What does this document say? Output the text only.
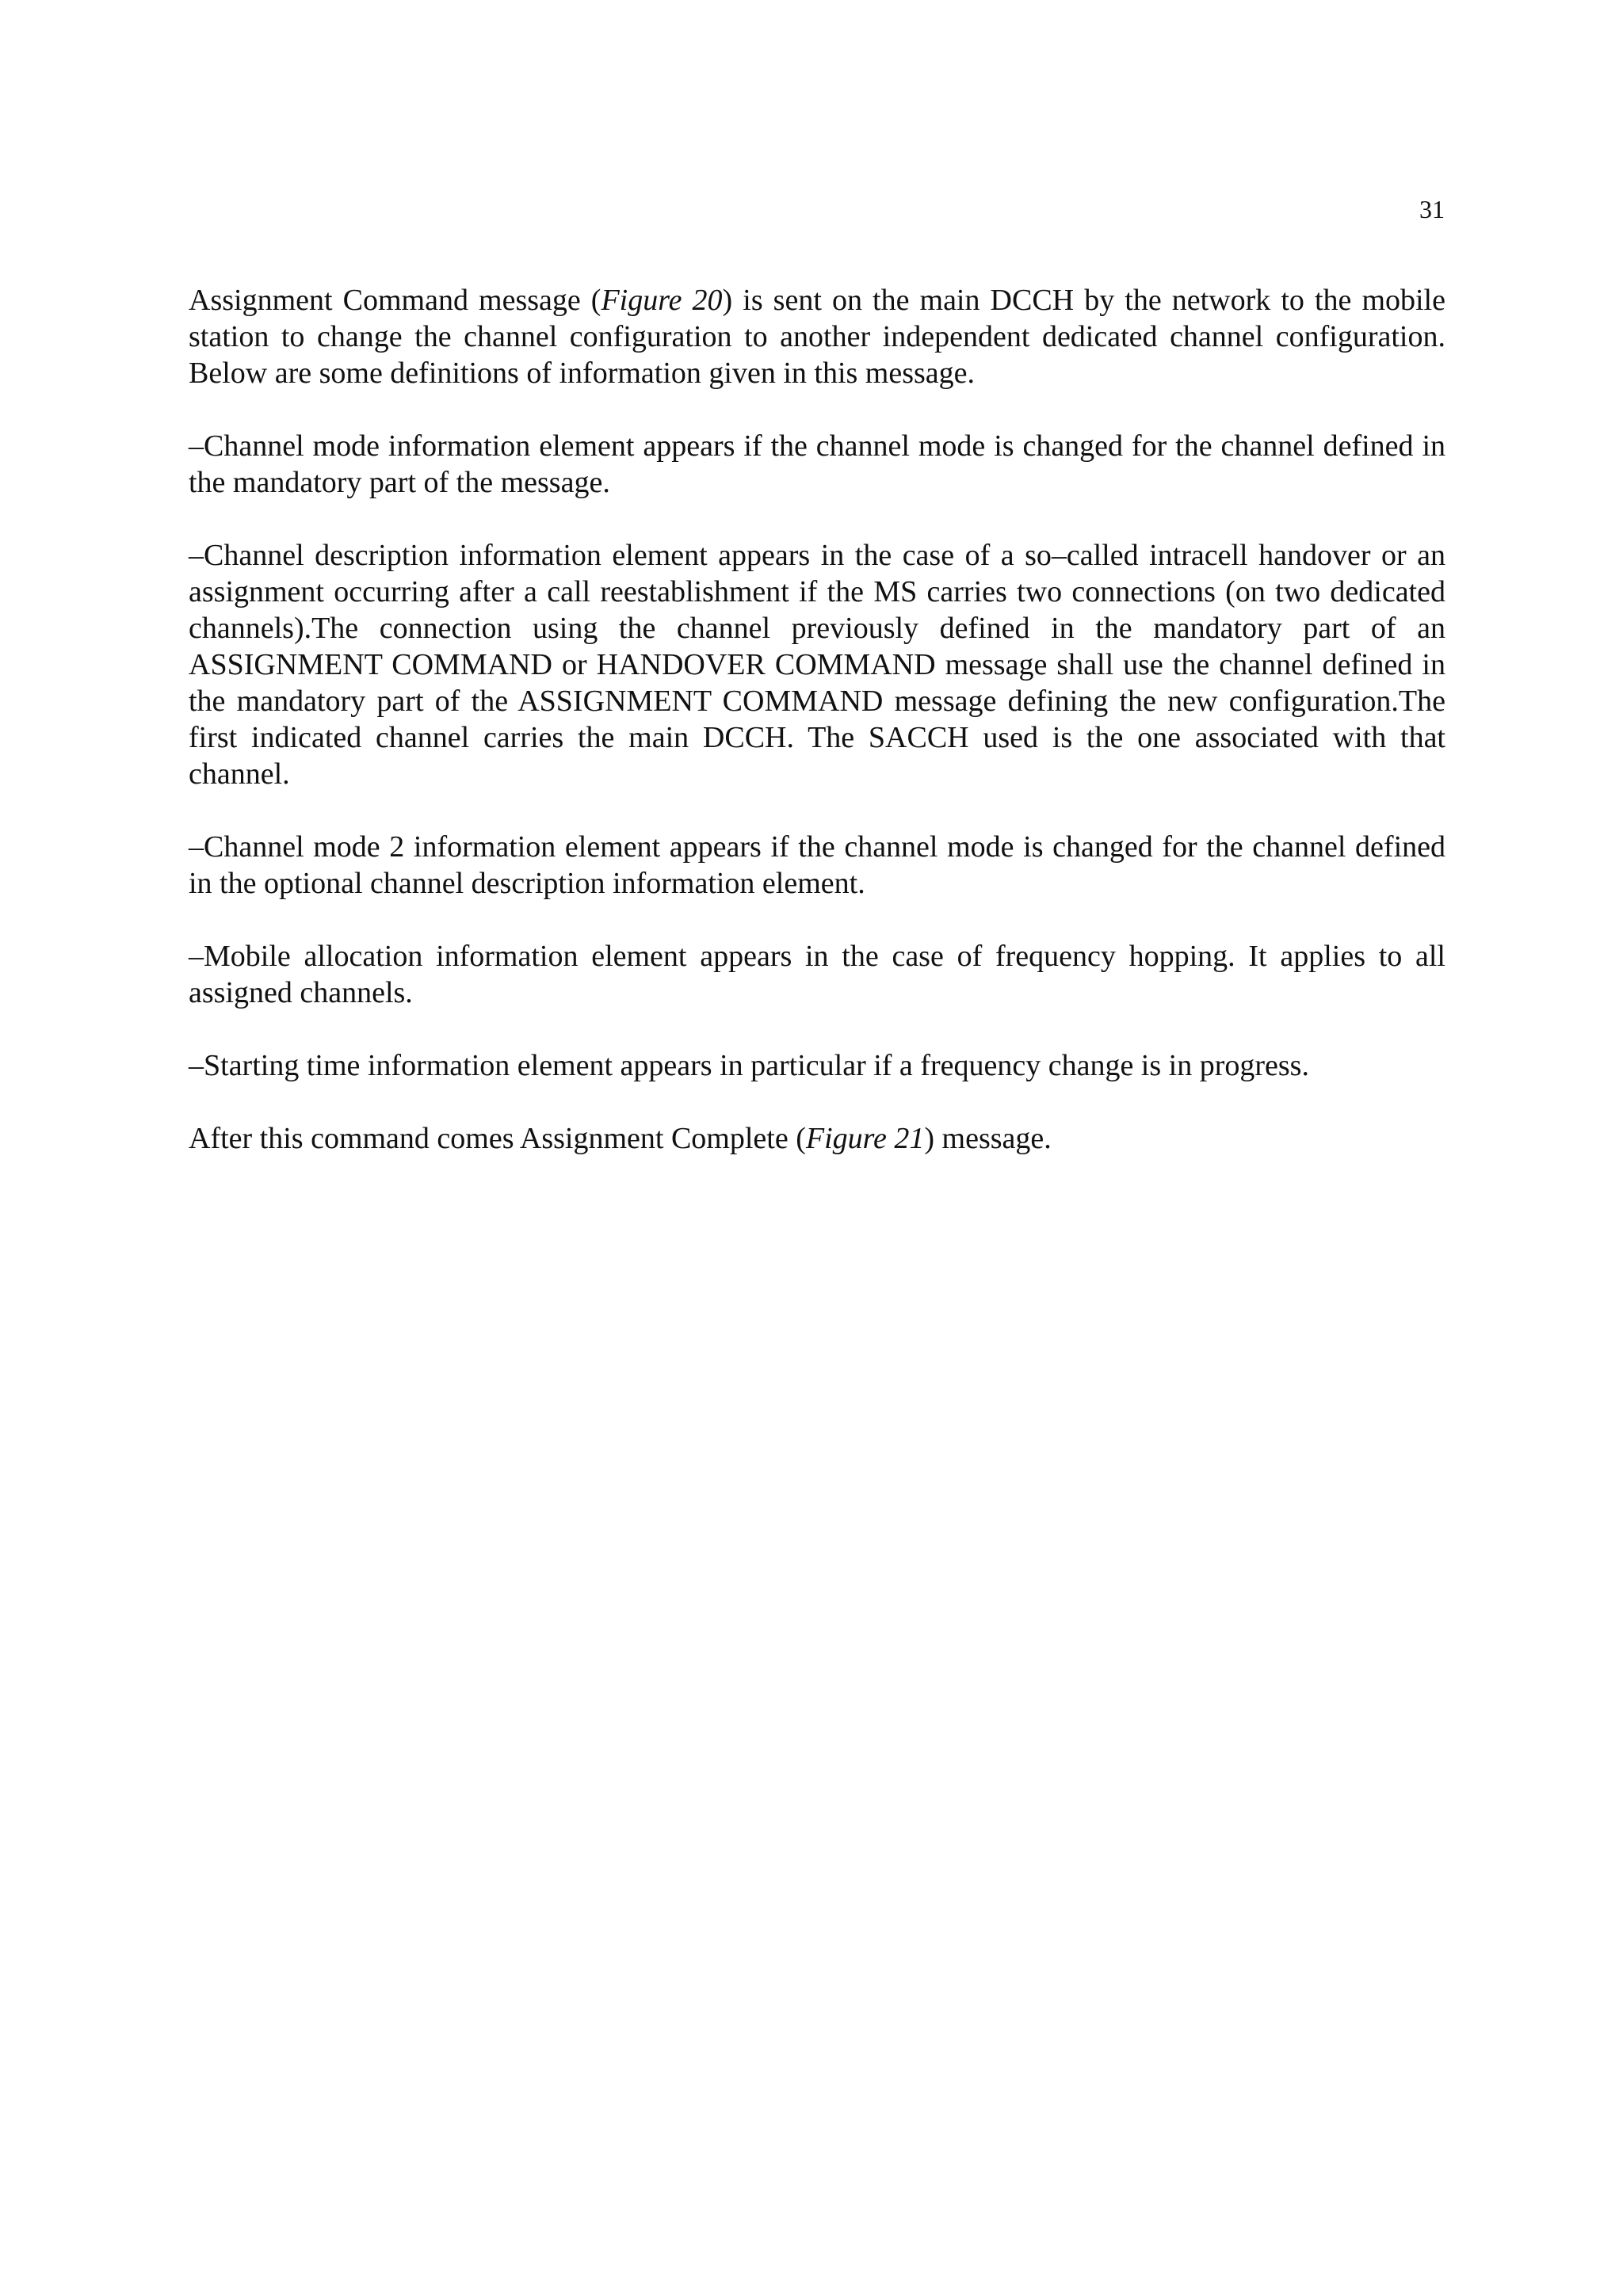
31

Assignment Command message (Figure 20) is sent on the main DCCH by the network to the mobile station to change the channel configuration to another independent dedicated channel configuration. Below are some definitions of information given in this message.

–Channel mode information element appears if the channel mode is changed for the channel defined in the mandatory part of the message.

–Channel description information element appears in the case of a so–called intracell handover or an assignment occurring after a call reestablishment if the MS carries two connections (on two dedicated channels).The connection using the channel previously defined in the mandatory part of an ASSIGNMENT COMMAND or HANDOVER COMMAND message shall use the channel defined in the mandatory part of the ASSIGNMENT COMMAND message defining the new configuration.The first indicated channel carries the main DCCH. The SACCH used is the one associated with that channel.

–Channel mode 2 information element appears if the channel mode is changed for the channel defined in the optional channel description information element.

–Mobile allocation information element appears in the case of frequency hopping. It applies to all assigned channels.

–Starting time information element appears in particular if a frequency change is in progress.

After this command comes Assignment Complete (Figure 21) message.
